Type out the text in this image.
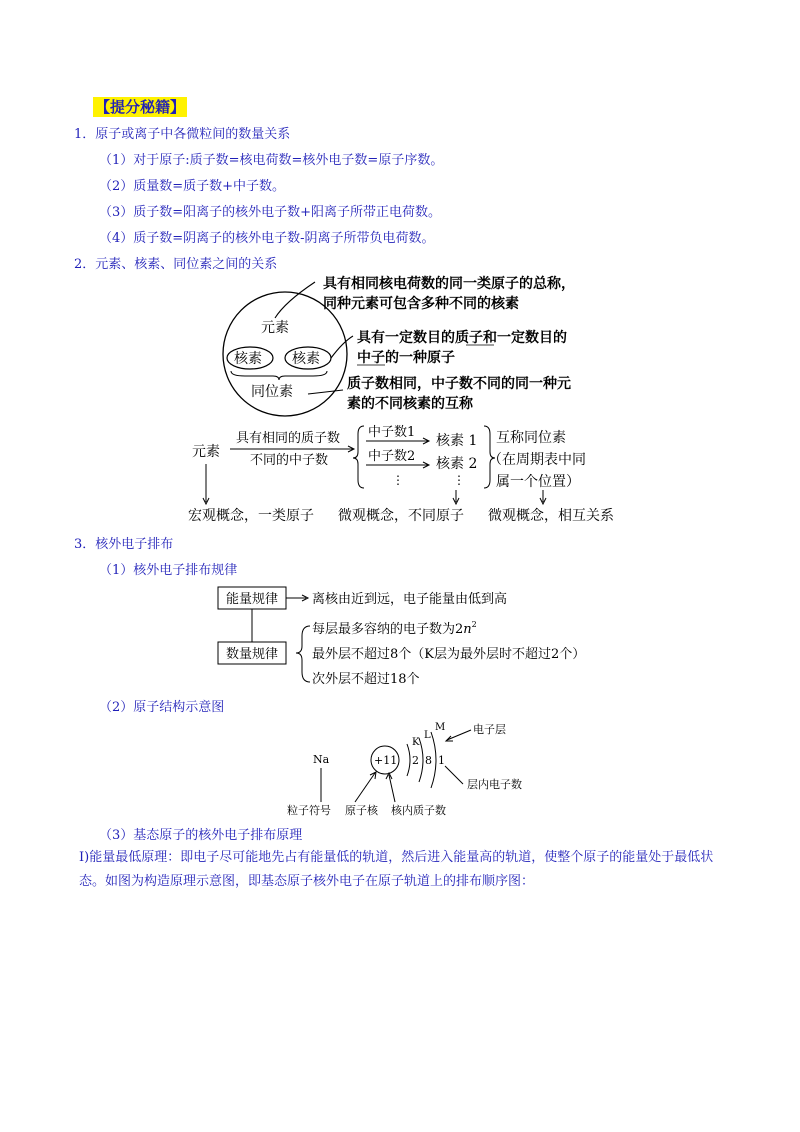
【提分秘籍】
1．原子或离子中各微粒间的数量关系
（1）对于原子:质子数=核电荷数=核外电子数=原子序数。
（2）质量数=质子数+中子数。
（3）质子数=阳离子的核外电子数+阳离子所带正电荷数。
（4）质子数=阴离子的核外电子数-阴离子所带负电荷数。
2．元素、核素、同位素之间的关系
元素
核素 核素
同位素
具有相同核电荷数的同一类原子的总称，
同种元素可包含多种不同的核素
具有一定数目的质子和一定数目的
中子的一种原子
质子数相同，中子数不同的同一种元
素的不同核素的互称
元素
具有相同的质子数
不同的中子数
中子数1
核素 1
中子数2 核素 2
⋮	⋮
互称同位素
（在周期表中同
属一个位置）
宏观概念，一类原子 微观概念，不同原子 微观概念，相互关系
3．核外电子排布
（1）核外电子排布规律
能量规律	离核由近到远，电子能量由低到高
数量规律
每层最多容纳的电子数为$2n^2$
最外层不超过8个（K层为最外层时不超过2个）
次外层不超过18个
（2）原子结构示意图
Na	+11 2 8 1
K
L
M	电子层
层内电子数
粒子符号 原子核 核内质子数
（3）基态原子的核外电子排布原理
Ⅰ)能量最低原理：即电子尽可能地先占有能量低的轨道，然后进入能量高的轨道，使整个原子的能量处于最低状态。如图为构造原理示意图，即基态原子核外电子在原子轨道上的排布顺序图：
